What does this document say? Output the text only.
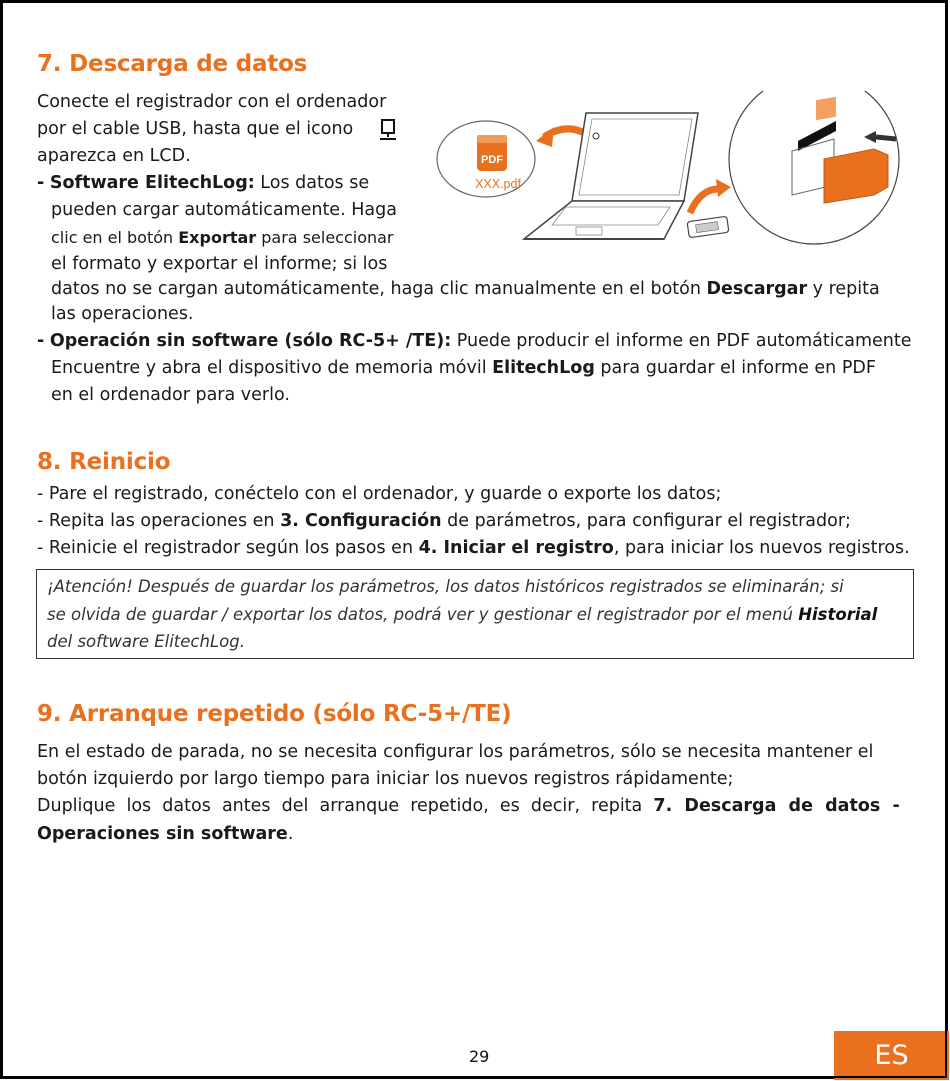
7. Descarga de datos

Conecte el registrador con el ordenador

por el cable USB, hasta que el icono

aparezca en LCD.

- Software ElitechLog: Los datos se

pueden cargar automáticamente. Haga

clic en el botón Exportar para seleccionar

el formato y exportar el informe; si los

datos no se cargan automáticamente, haga clic manualmente en el botón Descargar y repita

las operaciones.

- Operación sin software (sólo RC-5+ /TE): Puede producir el informe en PDF automáticamente

Encuentre y abra el dispositivo de memoria móvil ElitechLog para guardar el informe en PDF

en el ordenador para verlo.

PDF
XXX.pdf
8. Reinicio

- Pare el registrado, conéctelo con el ordenador, y guarde o exporte los datos;

- Repita las operaciones en 3. Configuración de parámetros, para configurar el registrador;

- Reinicie el registrador según los pasos en 4. Iniciar el registro, para iniciar los nuevos registros.

¡Atención! Después de guardar los parámetros, los datos históricos registrados se eliminarán; si
se olvida de guardar / exportar los datos, podrá ver y gestionar el registrador por el menú Historial
del software ElitechLog.
9. Arranque repetido (sólo RC-5+/TE)

En el estado de parada, no se necesita configurar los parámetros, sólo se necesita mantener el

botón izquierdo por largo tiempo para iniciar los nuevos registros rápidamente;

Duplique  los  datos  antes  del  arranque  repetido,  es  decir,  repita  7.  Descarga  de  datos  -

Operaciones sin software.

29	ES
